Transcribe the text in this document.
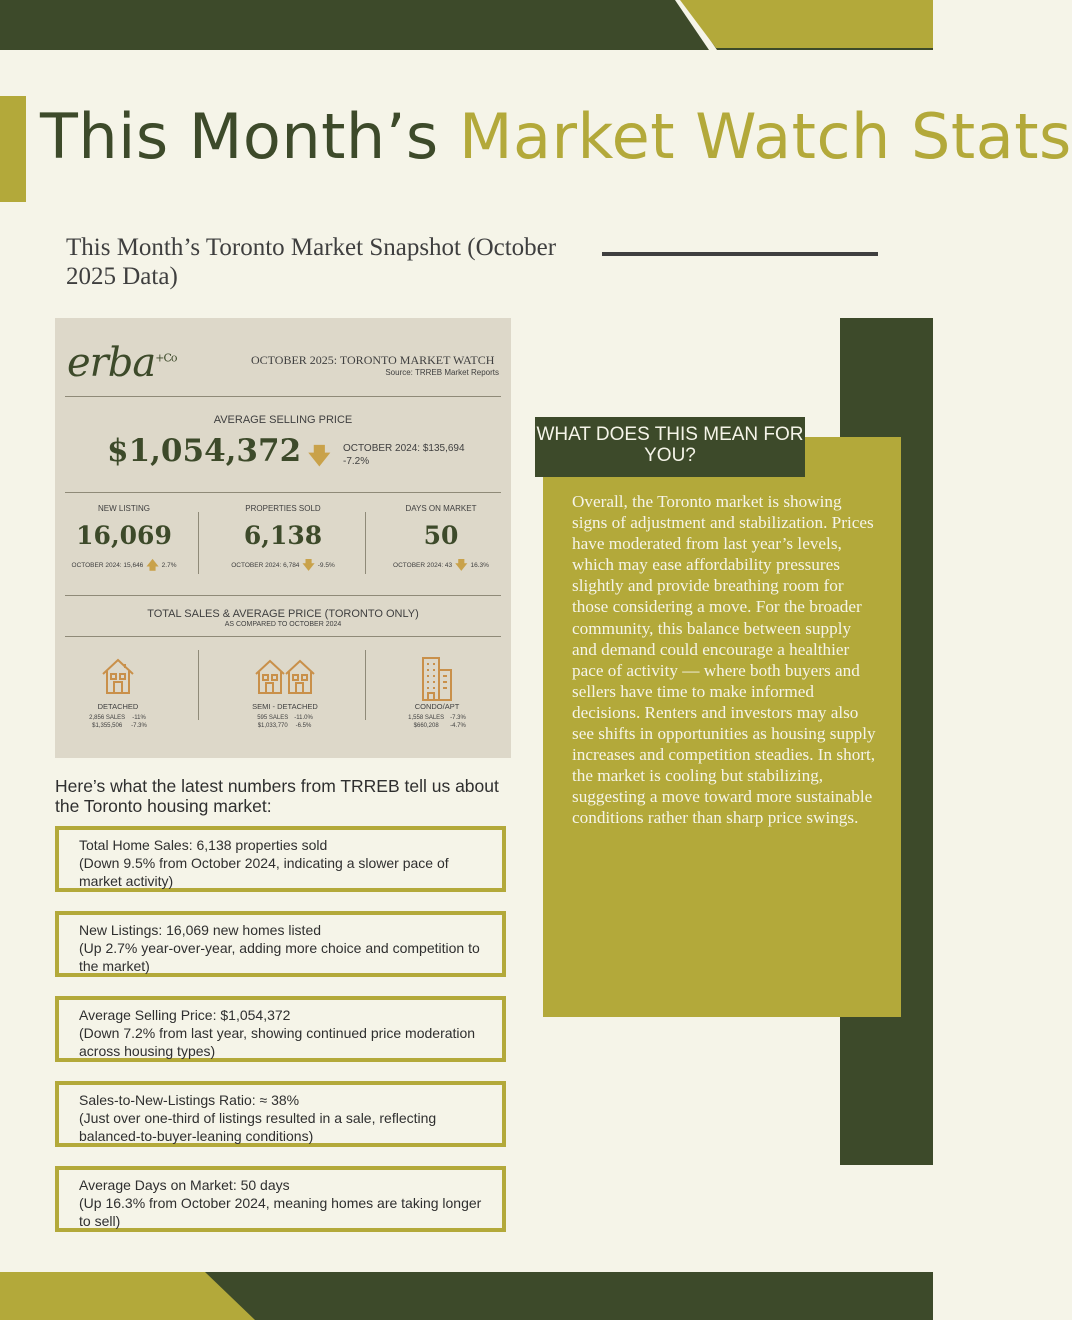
This Month’s Market Watch Stats
This Month’s Toronto Market Snapshot (October 2025 Data)
erba$^{+Co}$	OCTOBER 2025: TORONTO MARKET WATCH
Source: TRREB Market Reports
AVERAGE SELLING PRICE
$1,054,372 🡇 OCTOBER 2024: $135,694
-7.2%
NEW LISTING
16,069
OCTOBER 2024: 15,646 🡅 2.7%
PROPERTIES SOLD
6,138
OCTOBER 2024: 6,784 🡇 -9.5%
DAYS ON MARKET
50
OCTOBER 2024: 43 🡇 16.3%
TOTAL SALES & AVERAGE PRICE (TORONTO ONLY)
AS COMPARED TO OCTOBER 2024
DETACHED
2,856 SALES
$1,355,506
-11%
-7.3%
SEMI - DETACHED
595 SALES
$1,033,770
-11.0%
-6.5%
CONDO/APT
1,558 SALES
$660,208
-7.3%
-4.7%
Here’s what the latest numbers from TRREB tell us about the Toronto housing market:
Total Home Sales: 6,138 properties sold
(Down 9.5% from October 2024, indicating a slower pace of market activity)
New Listings: 16,069 new homes listed
(Up 2.7% year-over-year, adding more choice and competition to the market)
Average Selling Price: $1,054,372
(Down 7.2% from last year, showing continued price moderation across housing types)
Sales-to-New-Listings Ratio: ≈ 38%
(Just over one-third of listings resulted in a sale, reflecting balanced-to-buyer-leaning conditions)
Average Days on Market: 50 days
(Up 16.3% from October 2024, meaning homes are taking longer to sell)
WHAT DOES THIS MEAN FOR YOU?
Overall, the Toronto market is showing signs of adjustment and stabilization. Prices have moderated from last year’s levels, which may ease affordability pressures slightly and provide breathing room for those considering a move. For the broader community, this balance between supply and demand could encourage a healthier pace of activity — where both buyers and sellers have time to make informed decisions. Renters and investors may also see shifts in opportunities as housing supply increases and competition steadies. In short, the market is cooling but stabilizing, suggesting a move toward more sustainable conditions rather than sharp price swings.
